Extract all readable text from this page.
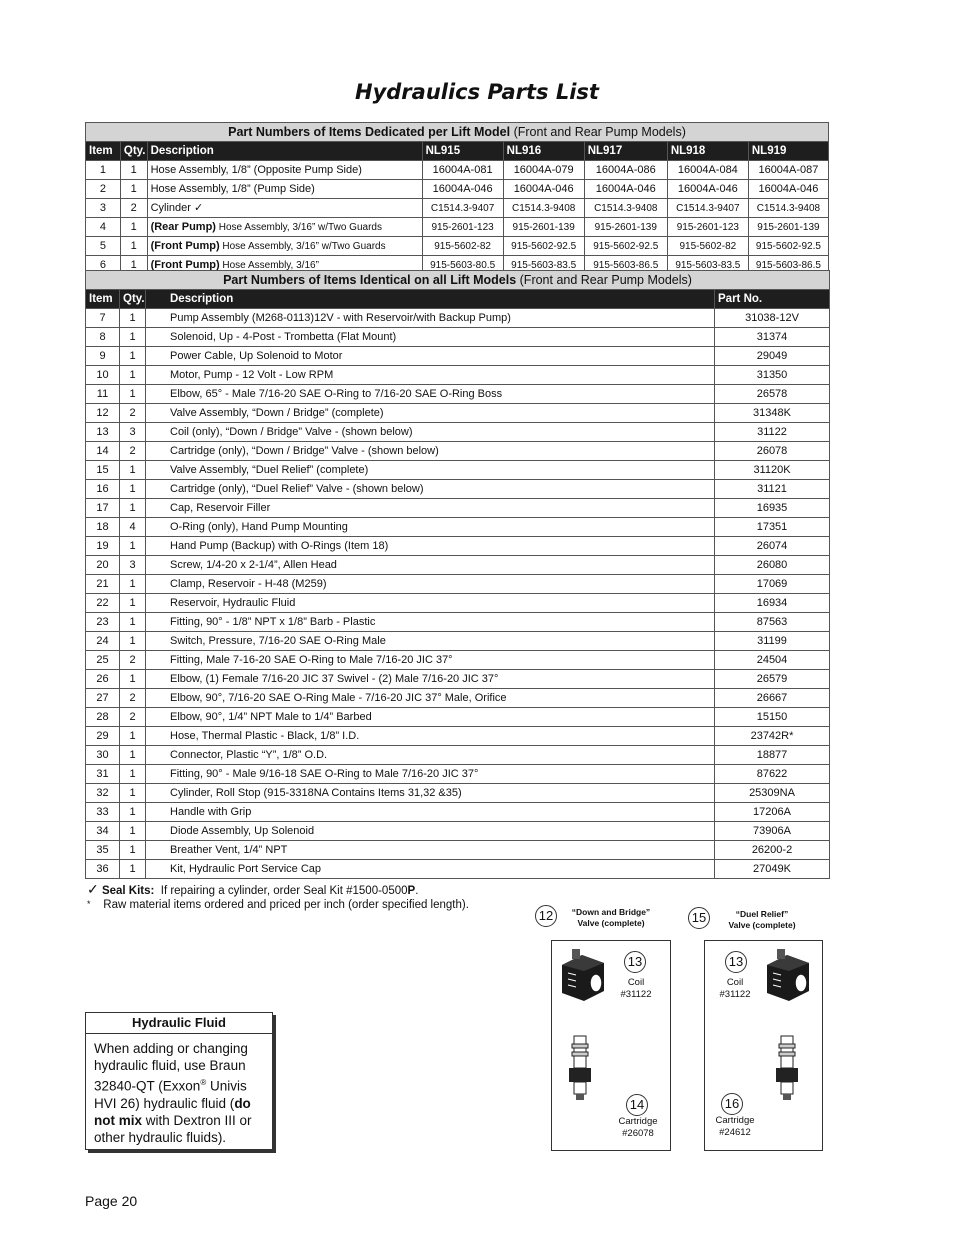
Hydraulics Parts List
Part Numbers of Items Dedicated per Lift Model (Front and Rear Pump Models)							
Item	Qty.	Description	NL915	NL916	NL917	NL918	NL919
1	1	Hose Assembly, 1/8” (Opposite Pump Side)	16004A-081	16004A-079	16004A-086	16004A-084	16004A-087
2	1	Hose Assembly, 1/8” (Pump Side)	16004A-046	16004A-046	16004A-046	16004A-046	16004A-046
3	2	Cylinder ✓	C1514.3-9407	C1514.3-9408	C1514.3-9408	C1514.3-9407	C1514.3-9408
4	1	(Rear Pump) Hose Assembly, 3/16” w/Two Guards	915-2601-123	915-2601-139	915-2601-139	915-2601-123	915-2601-139
5	1	(Front Pump) Hose Assembly, 3/16” w/Two Guards	915-5602-82	915-5602-92.5	915-5602-92.5	915-5602-82	915-5602-92.5
6	1	(Front Pump) Hose Assembly, 3/16”	915-5603-80.5	915-5603-83.5	915-5603-86.5	915-5603-83.5	915-5603-86.5
Part Numbers of Items Identical on all Lift Models (Front and Rear Pump Models)			
Item	Qty.	Description	Part No.
7	1	Pump Assembly (M268-0113)12V - with Reservoir/with Backup Pump)	31038-12V
8	1	Solenoid, Up - 4-Post - Trombetta (Flat Mount)	31374
9	1	Power Cable, Up Solenoid to Motor	29049
10	1	Motor, Pump - 12 Volt - Low RPM	31350
11	1	Elbow, 65° - Male 7/16-20 SAE O-Ring to 7/16-20 SAE O-Ring Boss	26578
12	2	Valve Assembly, “Down / Bridge” (complete)	31348K
13	3	Coil (only), “Down / Bridge” Valve - (shown below)	31122
14	2	Cartridge (only), “Down / Bridge” Valve - (shown below)	26078
15	1	Valve Assembly, “Duel Relief” (complete)	31120K
16	1	Cartridge (only), “Duel Relief” Valve - (shown below)	31121
17	1	Cap, Reservoir Filler	16935
18	4	O-Ring (only), Hand Pump Mounting	17351
19	1	Hand Pump (Backup) with O-Rings (Item 18)	26074
20	3	Screw, 1/4-20 x 2-1/4”, Allen Head	26080
21	1	Clamp, Reservoir - H-48 (M259)	17069
22	1	Reservoir, Hydraulic Fluid	16934
23	1	Fitting, 90° - 1/8” NPT x 1/8” Barb - Plastic	87563
24	1	Switch, Pressure, 7/16-20 SAE O-Ring Male	31199
25	2	Fitting, Male 7-16-20 SAE O-Ring to Male 7/16-20 JIC 37°	24504
26	1	Elbow, (1) Female 7/16-20 JIC 37 Swivel - (2) Male 7/16-20 JIC 37°	26579
27	2	Elbow, 90°, 7/16-20 SAE O-Ring Male - 7/16-20 JIC 37° Male, Orifice	26667
28	2	Elbow, 90°, 1/4” NPT Male to 1/4” Barbed	15150
29	1	Hose, Thermal Plastic - Black, 1/8” I.D.	23742R*
30	1	Connector, Plastic “Y”, 1/8” O.D.	18877
31	1	Fitting, 90° - Male 9/16-18 SAE O-Ring to Male 7/16-20 JIC 37°	87622
32	1	Cylinder, Roll Stop (915-3318NA Contains Items 31,32 &35)	25309NA
33	1	Handle with Grip	17206A
34	1	Diode Assembly, Up Solenoid	73906A
35	1	Breather Vent, 1/4” NPT	26200-2
36	1	Kit, Hydraulic Port Service Cap	27049K
✓ Seal Kits: If repairing a cylinder, order Seal Kit #1500-0500P.
* Raw material items ordered and priced per inch (order specified length).
Hydraulic Fluid
When adding or changing hydraulic fluid, use Braun 32840-QT (Exxon® Univis HVI 26) hydraulic fluid (do not mix with Dextron III or other hydraulic fluids).
12	“Down and Bridge”
Valve (complete)
13
Coil
#31122
14
Cartridge
#26078
15	“Duel Relief”
Valve (complete)
13
Coil
#31122
16
Cartridge
#24612
Page 20
